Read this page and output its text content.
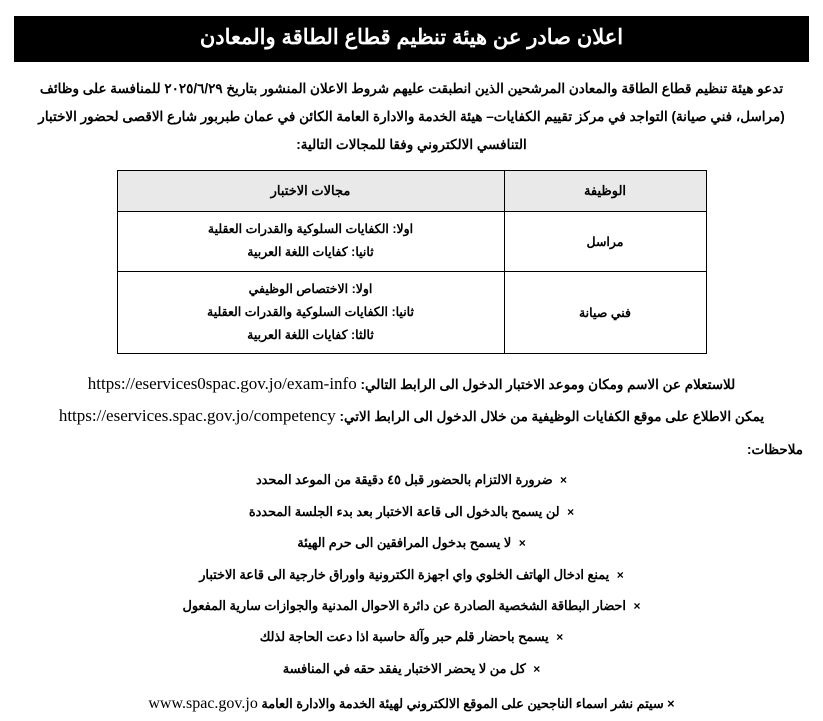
اعلان صادر عن هيئة تنظيم قطاع الطاقة والمعادن
تدعو هيئة تنظيم قطاع الطاقة والمعادن المرشحين الذين انطبقت عليهم شروط الاعلان المنشور بتاريخ ٢٠٢٥/٦/٢٩ للمنافسة على وظائف
(مراسل، فني صيانة) التواجد في مركز تقييم الكفايات– هيئة الخدمة والادارة العامة الكائن في عمان طبربور شارع الاقصى لحضور الاختبار
التنافسي الالكتروني وفقا للمجالات التالية:
الوظيفة	مجالات الاختبار
مراسل	اولا: الكفايات السلوكية والقدرات العقلية
ثانيا: كفايات اللغة العربية

فني صيانة	اولا: الاختصاص الوظيفي
ثانيا: الكفايات السلوكية والقدرات العقلية
ثالثا: كفايات اللغة العربية
للاستعلام عن الاسم ومكان وموعد الاختبار الدخول الى الرابط التالي: https://eservices0spac.gov.jo/exam-info
يمكن الاطلاع على موقع الكفايات الوظيفية من خلال الدخول الى الرابط الاتي: https://eservices.spac.gov.jo/competency
ملاحظات:
× ضرورة الالتزام بالحضور قبل ٤٥ دقيقة من الموعد المحدد
× لن يسمح بالدخول الى قاعة الاختبار بعد بدء الجلسة المحددة
× لا يسمح بدخول المرافقين الى حرم الهيئة
× يمنع ادخال الهاتف الخلوي واي اجهزة الكترونية واوراق خارجية الى قاعة الاختبار
× احضار البطاقة الشخصية الصادرة عن دائرة الاحوال المدنية والجوازات سارية المفعول
× يسمح باحضار قلم حبر وآلة حاسبة اذا دعت الحاجة لذلك
× كل من لا يحضر الاختبار يفقد حقه في المنافسة
× سيتم نشر اسماء الناجحين على الموقع الالكتروني لهيئة الخدمة والادارة العامة www.spac.gov.jo
